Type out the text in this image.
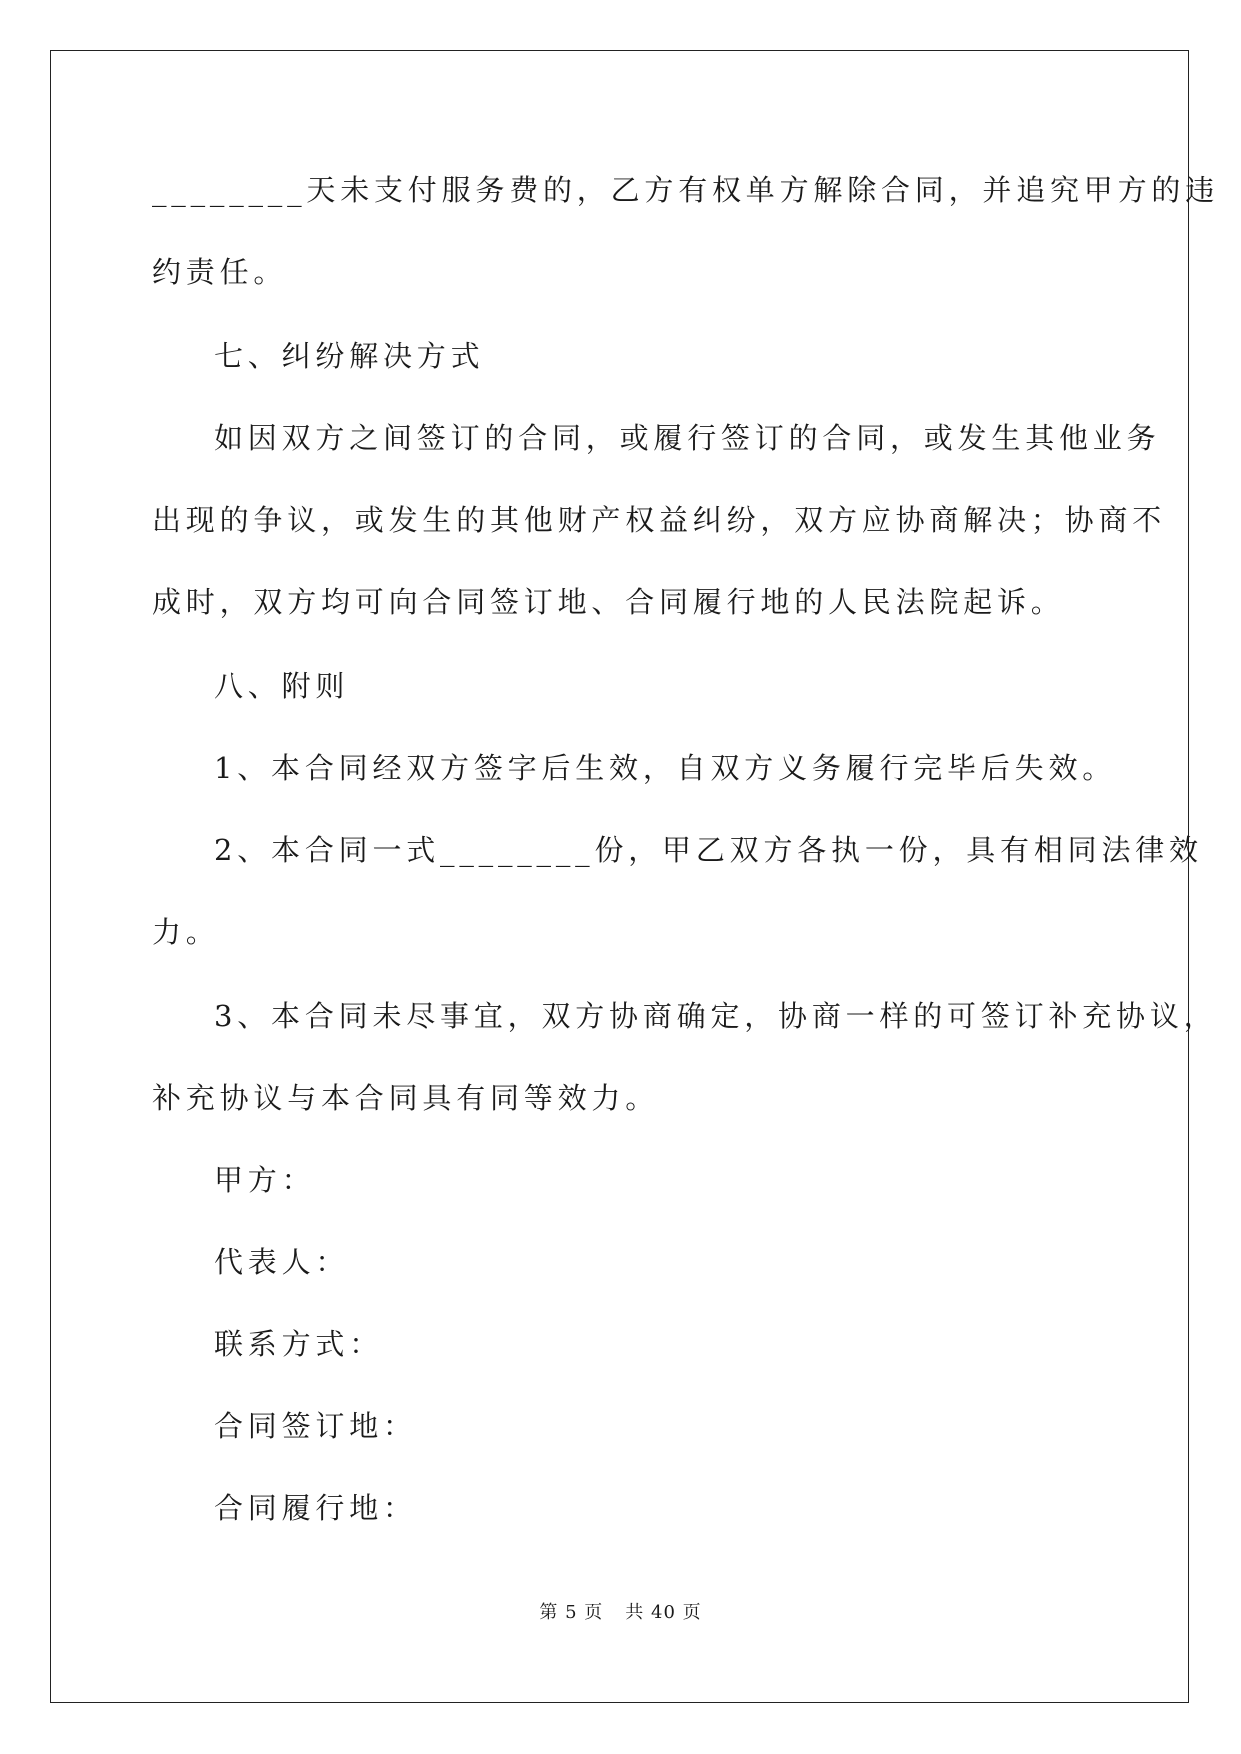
________天未支付服务费的，乙方有权单方解除合同，并追究甲方的违
约责任。
七、纠纷解决方式
如因双方之间签订的合同，或履行签订的合同，或发生其他业务
出现的争议，或发生的其他财产权益纠纷，双方应协商解决；协商不
成时，双方均可向合同签订地、合同履行地的人民法院起诉。
八、附则
1、本合同经双方签字后生效，自双方义务履行完毕后失效。
2、本合同一式________份，甲乙双方各执一份，具有相同法律效
力。
3、本合同未尽事宜，双方协商确定，协商一样的可签订补充协议，
补充协议与本合同具有同等效力。
甲方：
代表人：
联系方式：
合同签订地：
合同履行地：
第 5 页 共 40 页
